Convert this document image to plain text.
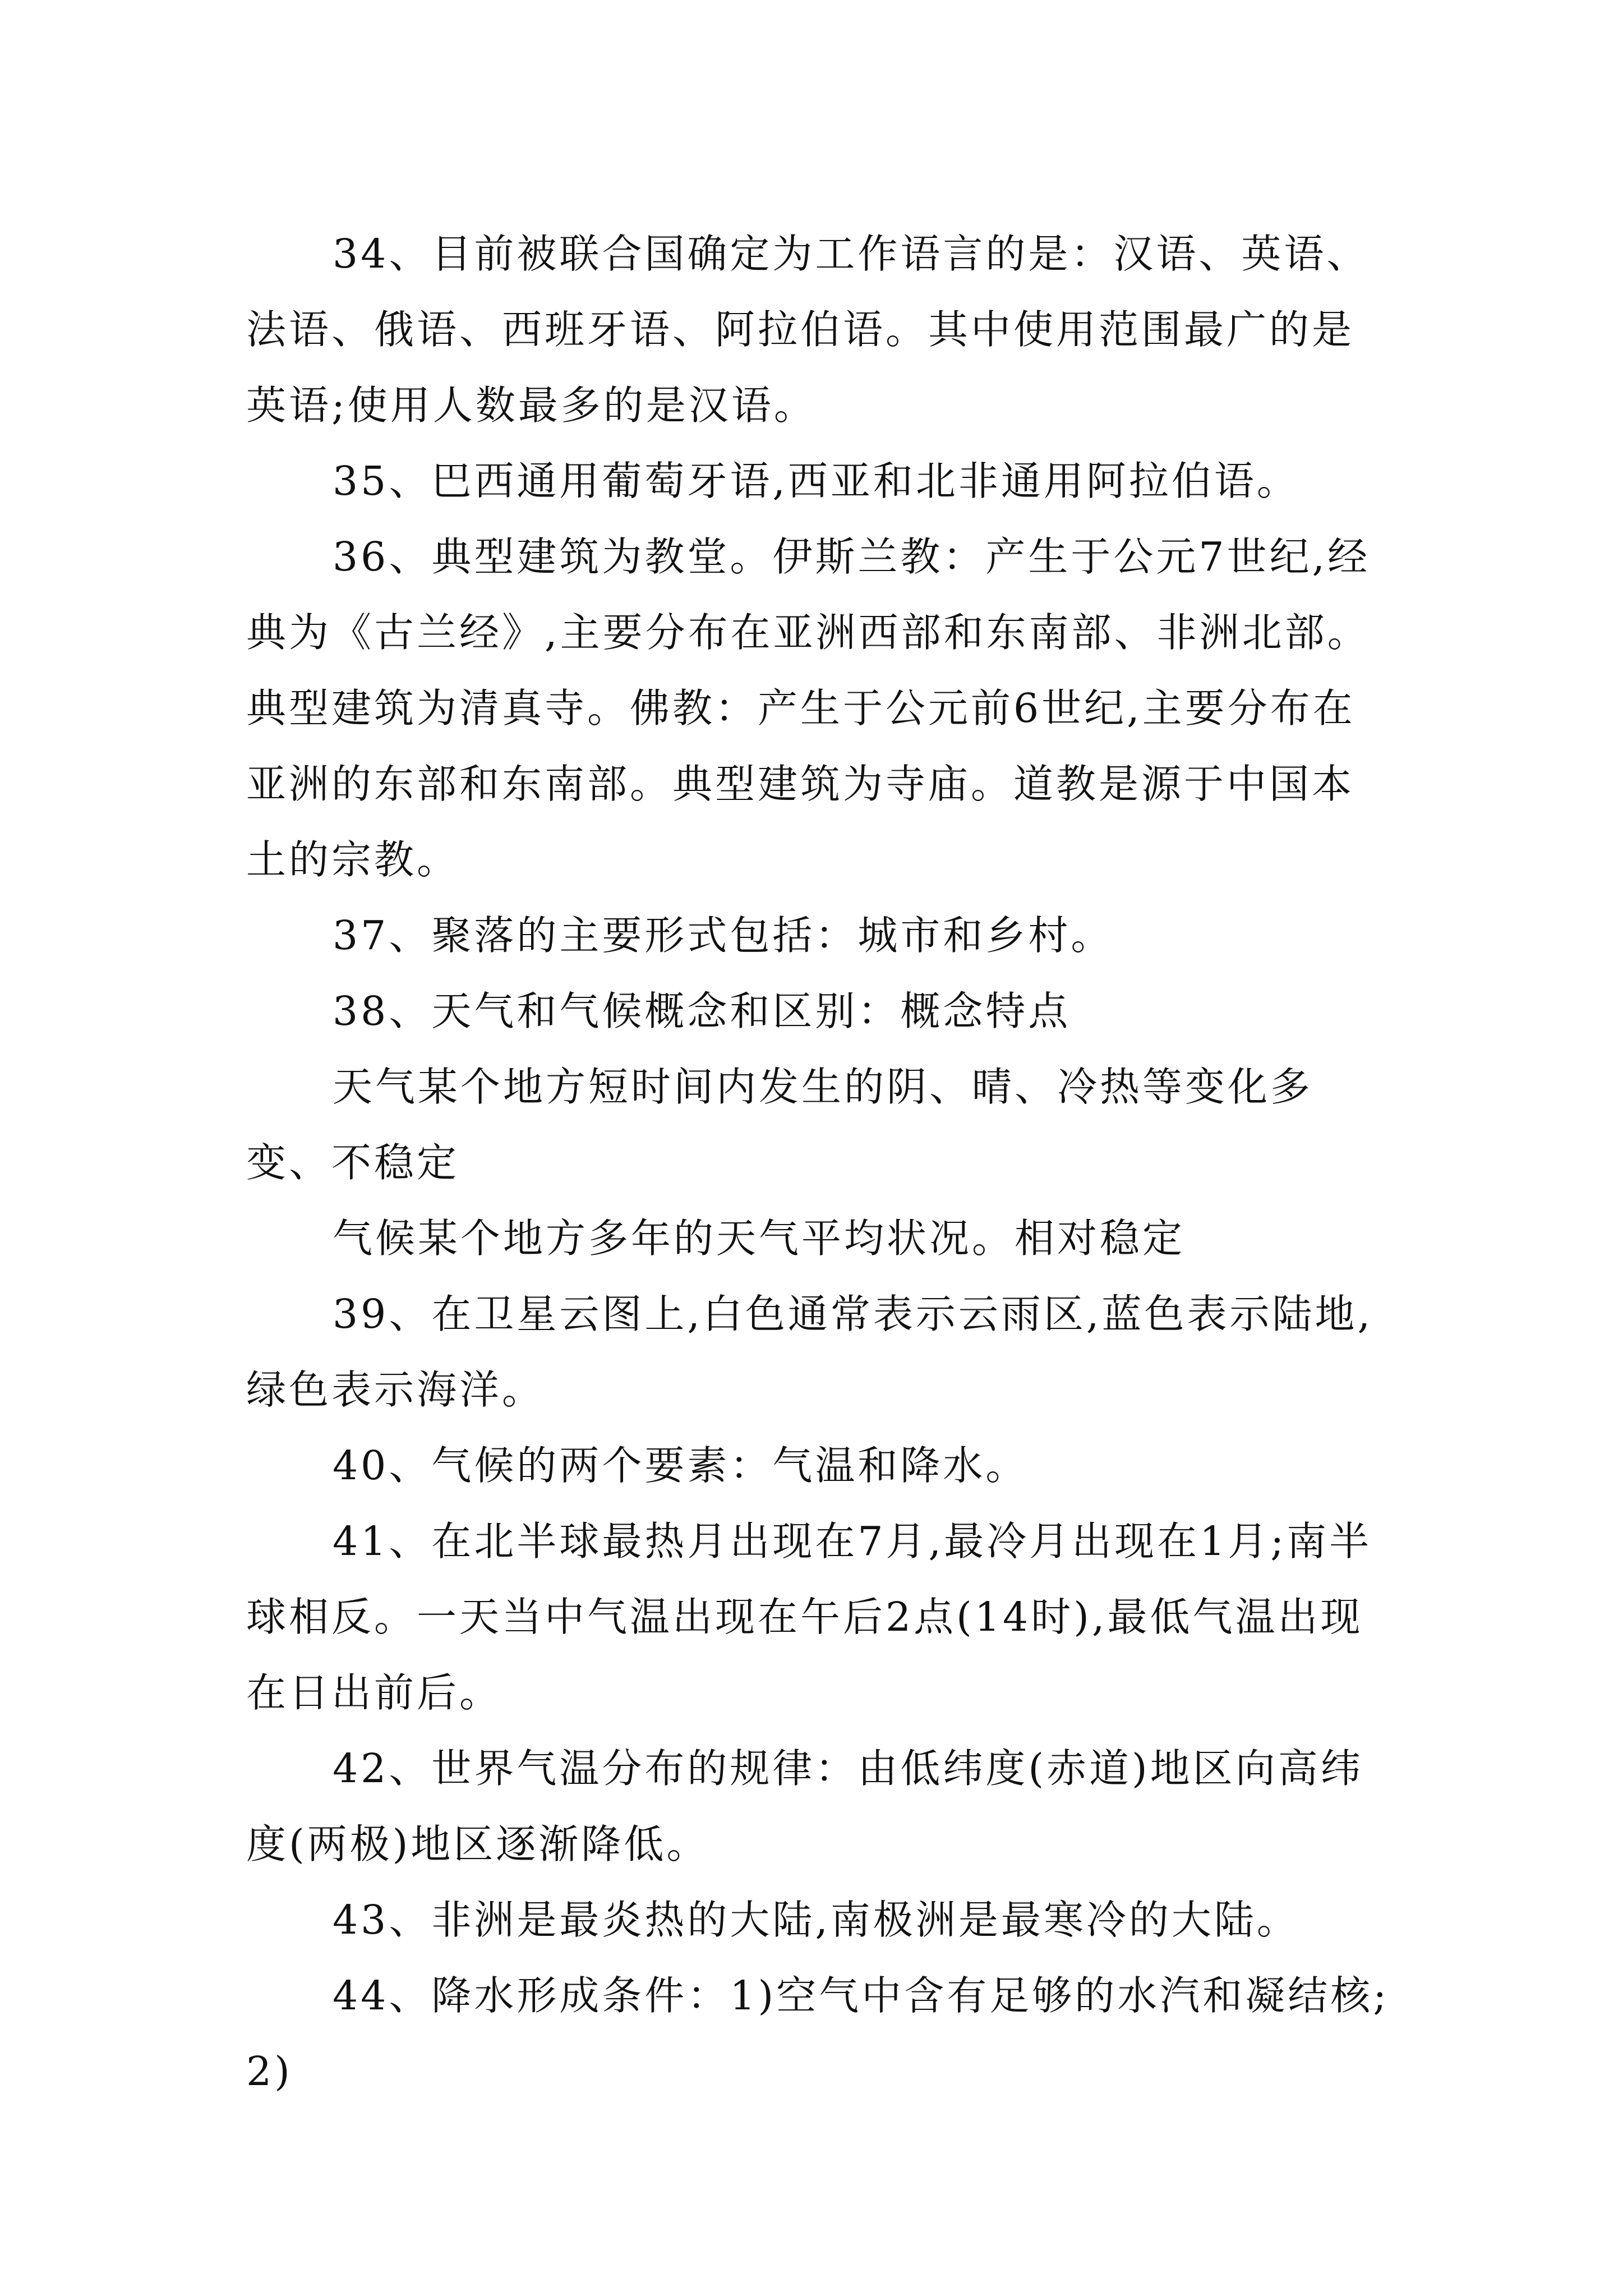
34、目前被联合国确定为工作语言的是：汉语、英语、法语、俄语、西班牙语、阿拉伯语。其中使用范围最广的是英语;使用人数最多的是汉语。

35、巴西通用葡萄牙语,西亚和北非通用阿拉伯语。

36、典型建筑为教堂。伊斯兰教：产生于公元7世纪,经典为《古兰经》,主要分布在亚洲西部和东南部、非洲北部。典型建筑为清真寺。佛教：产生于公元前6世纪,主要分布在亚洲的东部和东南部。典型建筑为寺庙。道教是源于中国本土的宗教。

37、聚落的主要形式包括：城市和乡村。

38、天气和气候概念和区别：概念特点

天气某个地方短时间内发生的阴、晴、冷热等变化多变、不稳定

气候某个地方多年的天气平均状况。相对稳定

39、在卫星云图上,白色通常表示云雨区,蓝色表示陆地,绿色表示海洋。

40、气候的两个要素：气温和降水。

41、在北半球最热月出现在7月,最冷月出现在1月;南半球相反。一天当中气温出现在午后2点(14时),最低气温出现在日出前后。

42、世界气温分布的规律：由低纬度(赤道)地区向高纬度(两极)地区逐渐降低。

43、非洲是最炎热的大陆,南极洲是最寒冷的大陆。

44、降水形成条件：1)空气中含有足够的水汽和凝结核;2)
